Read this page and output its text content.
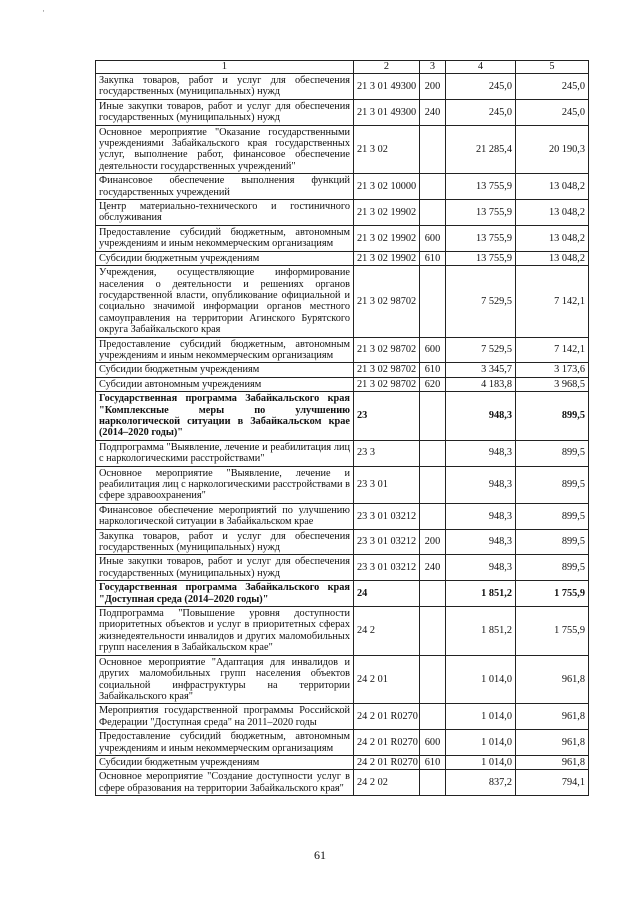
·
1	2	3	4	5
Закупка товаров, работ и услуг для обеспечения государственных (муниципальных) нужд	21 3 01 49300	200	245,0	245,0
Иные закупки товаров, работ и услуг для обеспечения государственных (муниципальных) нужд	21 3 01 49300	240	245,0	245,0
Основное мероприятие "Оказание государственными учреждениями Забайкальского края государственных услуг, выполнение работ, финансовое обеспечение деятельности государственных учреждений"	21 3 02		21 285,4	20 190,3
Финансовое обеспечение выполнения функций государственных учреждений	21 3 02 10000		13 755,9	13 048,2
Центр материально-технического и гостиничного обслуживания	21 3 02 19902		13 755,9	13 048,2
Предоставление субсидий бюджетным, автономным учреждениям и иным некоммерческим организациям	21 3 02 19902	600	13 755,9	13 048,2
Субсидии бюджетным учреждениям	21 3 02 19902	610	13 755,9	13 048,2
Учреждения, осуществляющие информирование населения о деятельности и решениях органов государственной власти, опубликование официальной и социально значимой информации органов местного самоуправления на территории Агинского Бурятского округа Забайкальского края	21 3 02 98702		7 529,5	7 142,1
Предоставление субсидий бюджетным, автономным учреждениям и иным некоммерческим организациям	21 3 02 98702	600	7 529,5	7 142,1
Субсидии бюджетным учреждениям	21 3 02 98702	610	3 345,7	3 173,6
Субсидии автономным учреждениям	21 3 02 98702	620	4 183,8	3 968,5
Государственная программа Забайкальского края "Комплексные меры по улучшению наркологической ситуации в Забайкальском крае (2014–2020 годы)"	23		948,3	899,5
Подпрограмма "Выявление, лечение и реабилитация лиц с наркологическими расстройствами"	23 3		948,3	899,5
Основное мероприятие "Выявление, лечение и реабилитация лиц с наркологическими расстройствами в сфере здравоохранения"	23 3 01		948,3	899,5
Финансовое обеспечение мероприятий по улучшению наркологической ситуации в Забайкальском крае	23 3 01 03212		948,3	899,5
Закупка товаров, работ и услуг для обеспечения государственных (муниципальных) нужд	23 3 01 03212	200	948,3	899,5
Иные закупки товаров, работ и услуг для обеспечения государственных (муниципальных) нужд	23 3 01 03212	240	948,3	899,5
Государственная программа Забайкальского края "Доступная среда (2014–2020 годы)"	24		1 851,2	1 755,9
Подпрограмма "Повышение уровня доступности приоритетных объектов и услуг в приоритетных сферах жизнедеятельности инвалидов и других маломобильных групп населения в Забайкальском крае"	24 2		1 851,2	1 755,9
Основное мероприятие "Адаптация для инвалидов и других маломобильных групп населения объектов социальной инфраструктуры на территории Забайкальского края"	24 2 01		1 014,0	961,8
Мероприятия государственной программы Российской Федерации "Доступная среда" на 2011–2020 годы	24 2 01 R0270		1 014,0	961,8
Предоставление субсидий бюджетным, автономным учреждениям и иным некоммерческим организациям	24 2 01 R0270	600	1 014,0	961,8
Субсидии бюджетным учреждениям	24 2 01 R0270	610	1 014,0	961,8
Основное мероприятие "Создание доступности услуг в сфере образования на территории Забайкальского края"	24 2 02		837,2	794,1
61
